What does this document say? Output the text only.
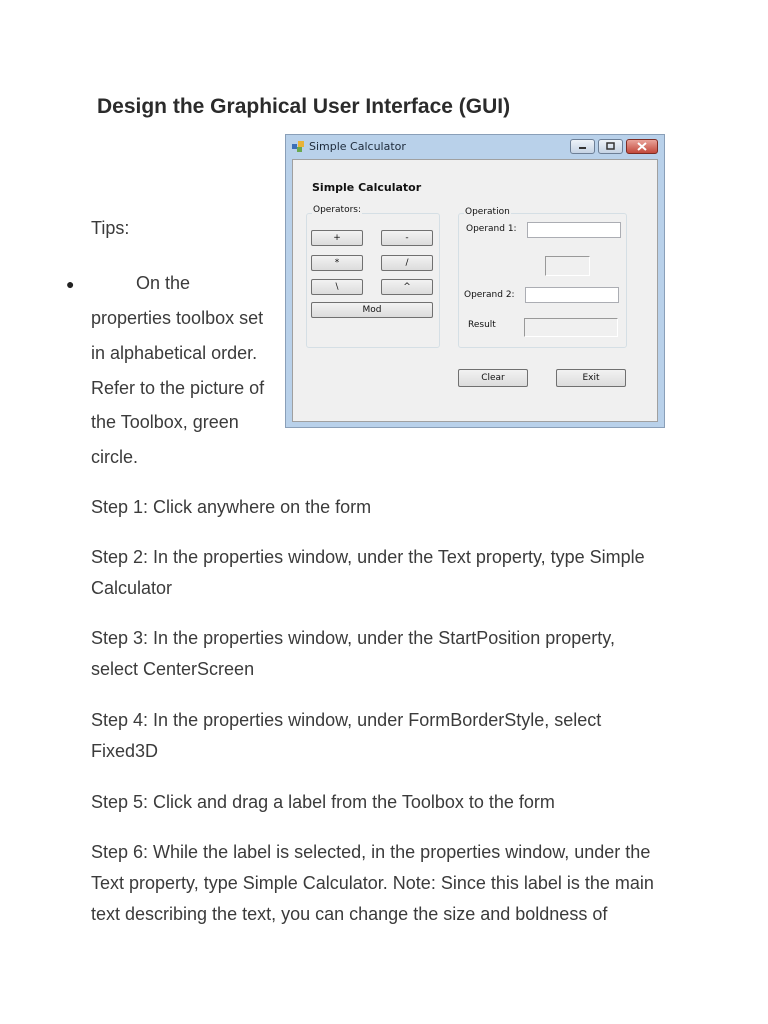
Design the Graphical User Interface (GUI)
Tips:
●	On the
properties toolbox set
in alphabetical order.
Refer to the picture of
the Toolbox, green
circle.
Simple Calculator
Simple Calculator
Operators:
+	-
*	/
\	^
Mod
Operation
Operand 1:
Operand 2:
Result
Clear	Exit

Step 1: Click anywhere on the form

Step 2: In the properties window, under the Text property, type Simple Calculator

Step 3: In the properties window, under the StartPosition property, select CenterScreen

Step 4: In the properties window, under FormBorderStyle, select Fixed3D

Step 5: Click and drag a label from the Toolbox to the form

Step 6: While the label is selected, in the properties window, under the Text property, type Simple Calculator. Note: Since this label is the main text describing the text, you can change the size and boldness of
